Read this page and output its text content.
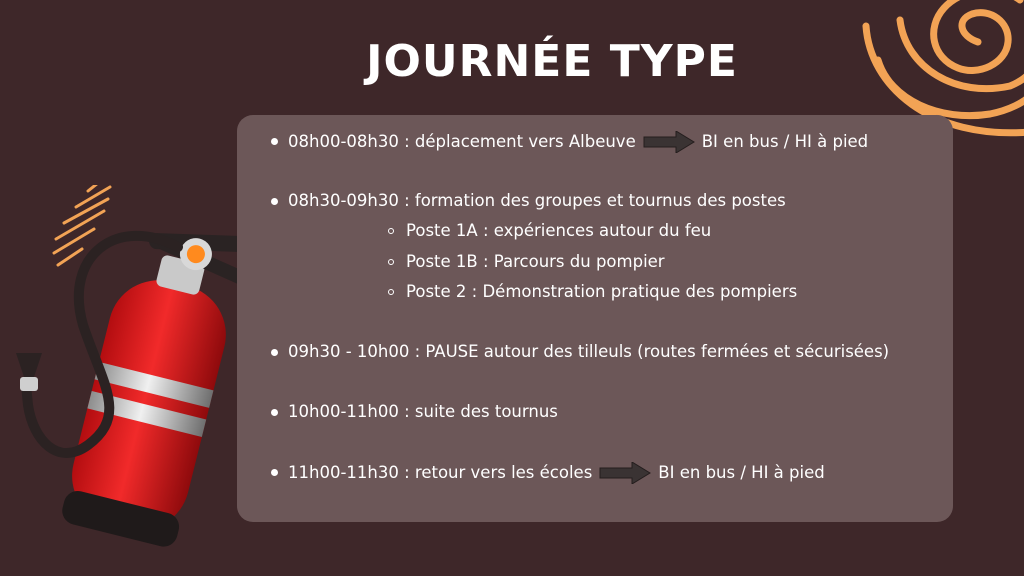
JOURNÉE TYPE
08h00-08h30 : déplacement vers Albeuve	BI en bus / HI à pied
08h30-09h30 : formation des groupes et tournus des postes
Poste 1A : expériences autour du feu
Poste 1B : Parcours du pompier
Poste 2 : Démonstration pratique des pompiers
09h30 - 10h00 : PAUSE autour des tilleuls (routes fermées et sécurisées)
10h00-11h00 : suite des tournus
11h00-11h30 : retour vers les écoles	BI en bus / HI à pied
